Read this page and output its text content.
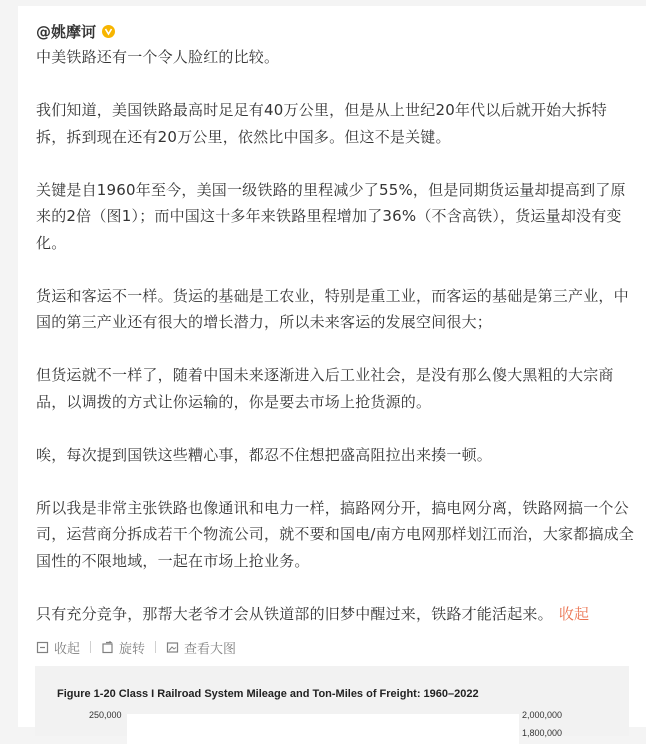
@姚摩诃

中美铁路还有一个令人脸红的比较。

我们知道，美国铁路最高时足足有40万公里，但是从上世纪20年代以后就开始大拆特拆，拆到现在还有20万公里，依然比中国多。但这不是关键。

关键是自1960年至今，美国一级铁路的里程减少了55%，但是同期货运量却提高到了原来的2倍（图1）；而中国这十多年来铁路里程增加了36%（不含高铁），货运量却没有变化。

货运和客运不一样。货运的基础是工农业，特别是重工业，而客运的基础是第三产业，中国的第三产业还有很大的增长潜力，所以未来客运的发展空间很大；

但货运就不一样了，随着中国未来逐渐进入后工业社会，是没有那么傻大黑粗的大宗商品，以调拨的方式让你运输的，你是要去市场上抢货源的。

唉，每次提到国铁这些糟心事，都忍不住想把盛高阻拉出来揍一顿。

所以我是非常主张铁路也像通讯和电力一样，搞路网分开，搞电网分离，铁路网搞一个公司，运营商分拆成若干个物流公司，就不要和国电/南方电网那样划江而治，大家都搞成全国性的不限地域，一起在市场上抢业务。

只有充分竞争，那帮大老爷才会从铁道部的旧梦中醒过来，铁路才能活起来。 收起

收起	旋转	查看大图
Figure 1-20 Class I Railroad System Mileage and Ton-Miles of Freight: 1960–2022
250,000	2,000,000
1,800,000
